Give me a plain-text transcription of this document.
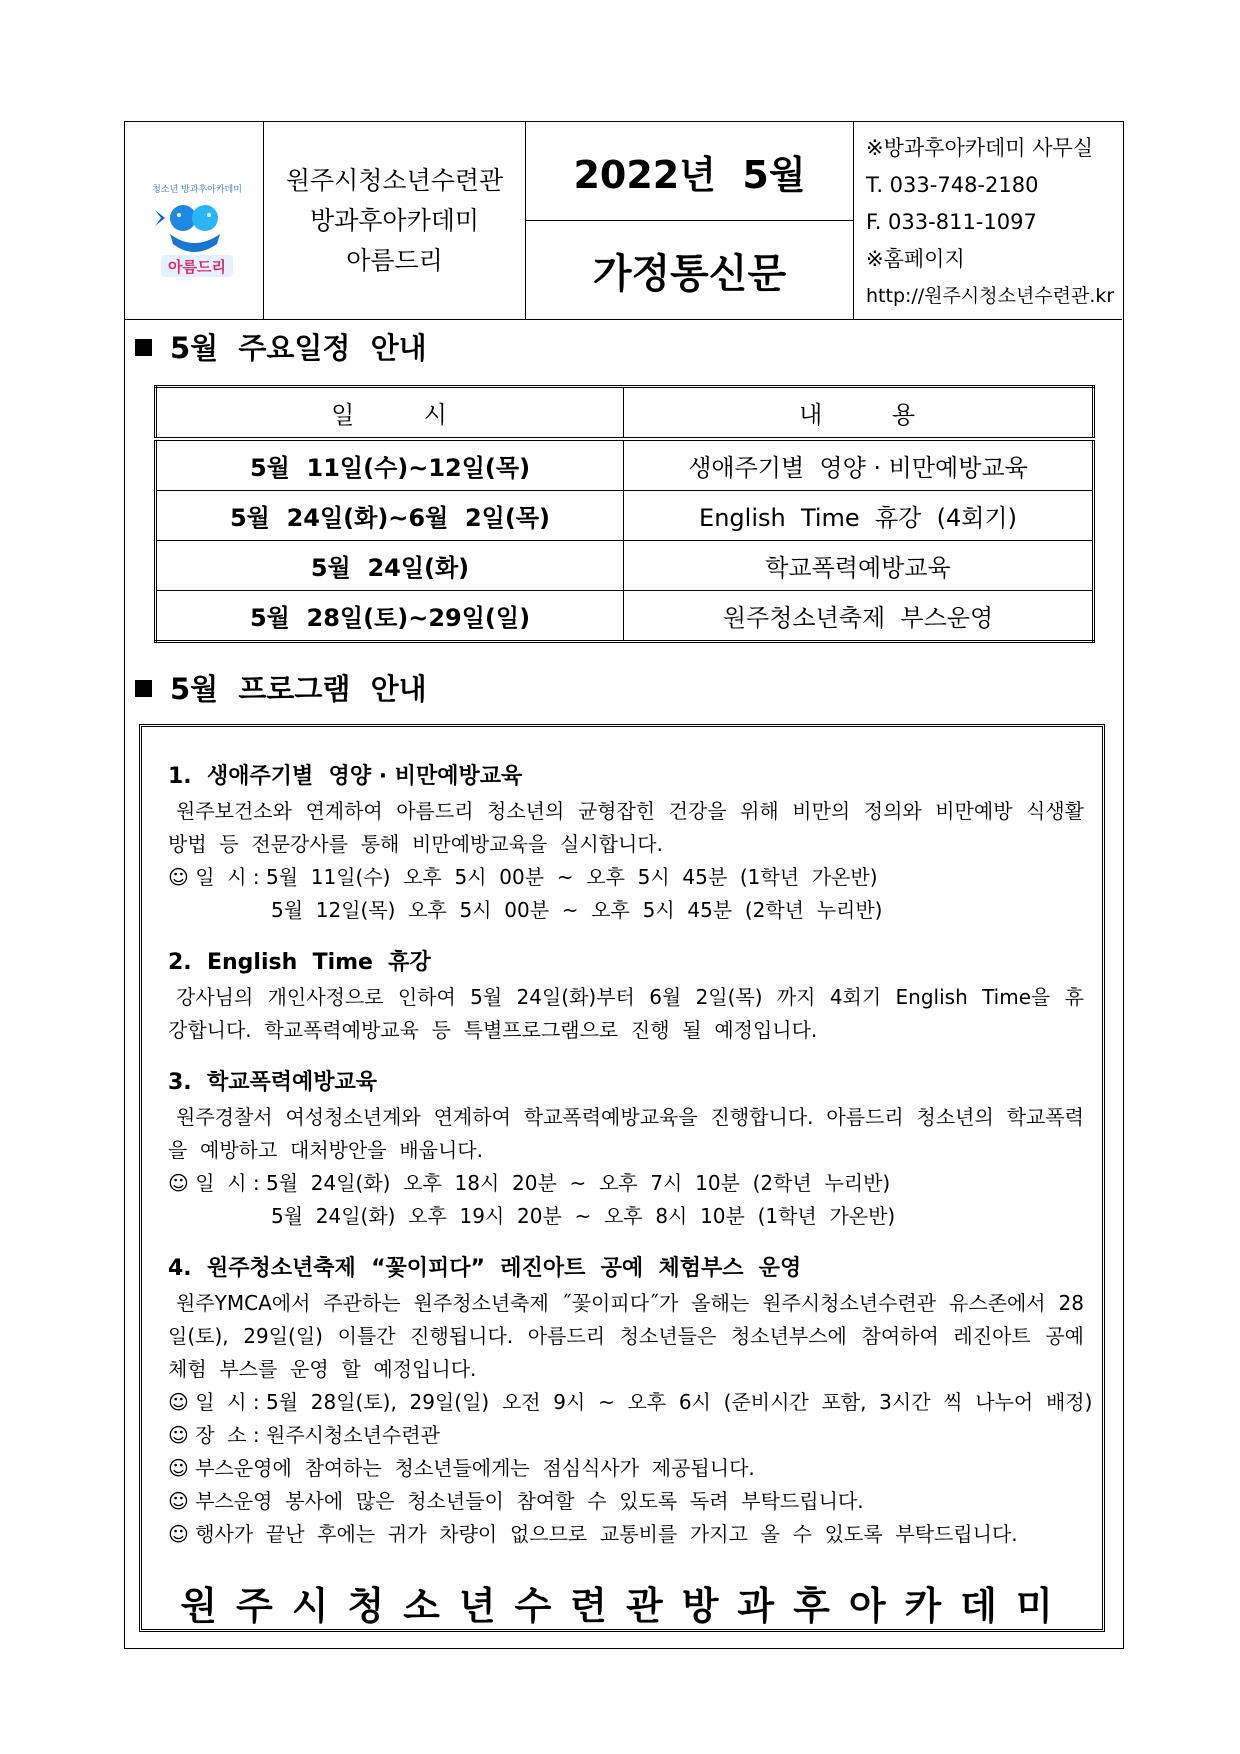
청소년 방과후아카데미
아름드리
원주시청소년수련관
방과후아카데미
아름드리
2022년  5월
가정통신문
※방과후아카데미 사무실
T. 033-748-2180
F. 033-811-1097
※홈페이지
http://원주시청소년수련관.kr
5월  주요일정  안내
일       시	내       용
5월  11일(수)~12일(목)	생애주기별  영양 · 비만예방교육
5월  24일(화)~6월  2일(목)	English  Time  휴강  (4회기)
5월  24일(화)	학교폭력예방교육
5월  28일(토)~29일(일)	원주청소년축제  부스운영
5월  프로그램  안내
1.  생애주기별  영양 · 비만예방교육
원주보건소와  연계하여  아름드리  청소년의  균형잡힌  건강을  위해  비만의  정의와  비만예방  식생활  방법  등  전문강사를  통해  비만예방교육을  실시합니다.
☺ 일  시 : 5월  11일(수)  오후  5시  00분  ~  오후  5시  45분  (1학년  가온반)
5월  12일(목)  오후  5시  00분  ~  오후  5시  45분  (2학년  누리반)
2.  English  Time  휴강
강사님의  개인사정으로  인하여  5월  24일(화)부터  6월  2일(목)  까지  4회기  English  Time을  휴강합니다.  학교폭력예방교육  등  특별프로그램으로  진행  될  예정입니다.
3.  학교폭력예방교육
원주경찰서  여성청소년계와  연계하여  학교폭력예방교육을  진행합니다.  아름드리  청소년의  학교폭력을  예방하고  대처방안을  배웁니다.
☺ 일  시 : 5월  24일(화)  오후  18시  20분  ~  오후  7시  10분  (2학년  누리반)
5월  24일(화)  오후  19시  20분  ~  오후  8시  10분  (1학년  가온반)
4.  원주청소년축제  “꽃이피다”  레진아트  공예  체험부스  운영
원주YMCA에서  주관하는  원주청소년축제  ˝꽃이피다˝가  올해는  원주시청소년수련관  유스존에서  28일(토),  29일(일)  이틀간  진행됩니다.  아름드리  청소년들은  청소년부스에  참여하여  레진아트  공예체험  부스를  운영  할  예정입니다.
☺ 일  시 : 5월  28일(토),  29일(일)  오전  9시  ~  오후  6시  (준비시간  포함,  3시간  씩  나누어  배정)
☺ 장  소 : 원주시청소년수련관
☺ 부스운영에  참여하는  청소년들에게는  점심식사가  제공됩니다.
☺ 부스운영  봉사에  많은  청소년들이  참여할  수  있도록  독려  부탁드립니다.
☺ 행사가  끝난  후에는  귀가  차량이  없으므로  교통비를  가지고  올  수  있도록  부탁드립니다.
원주시청소년수련관방과후아카데미
